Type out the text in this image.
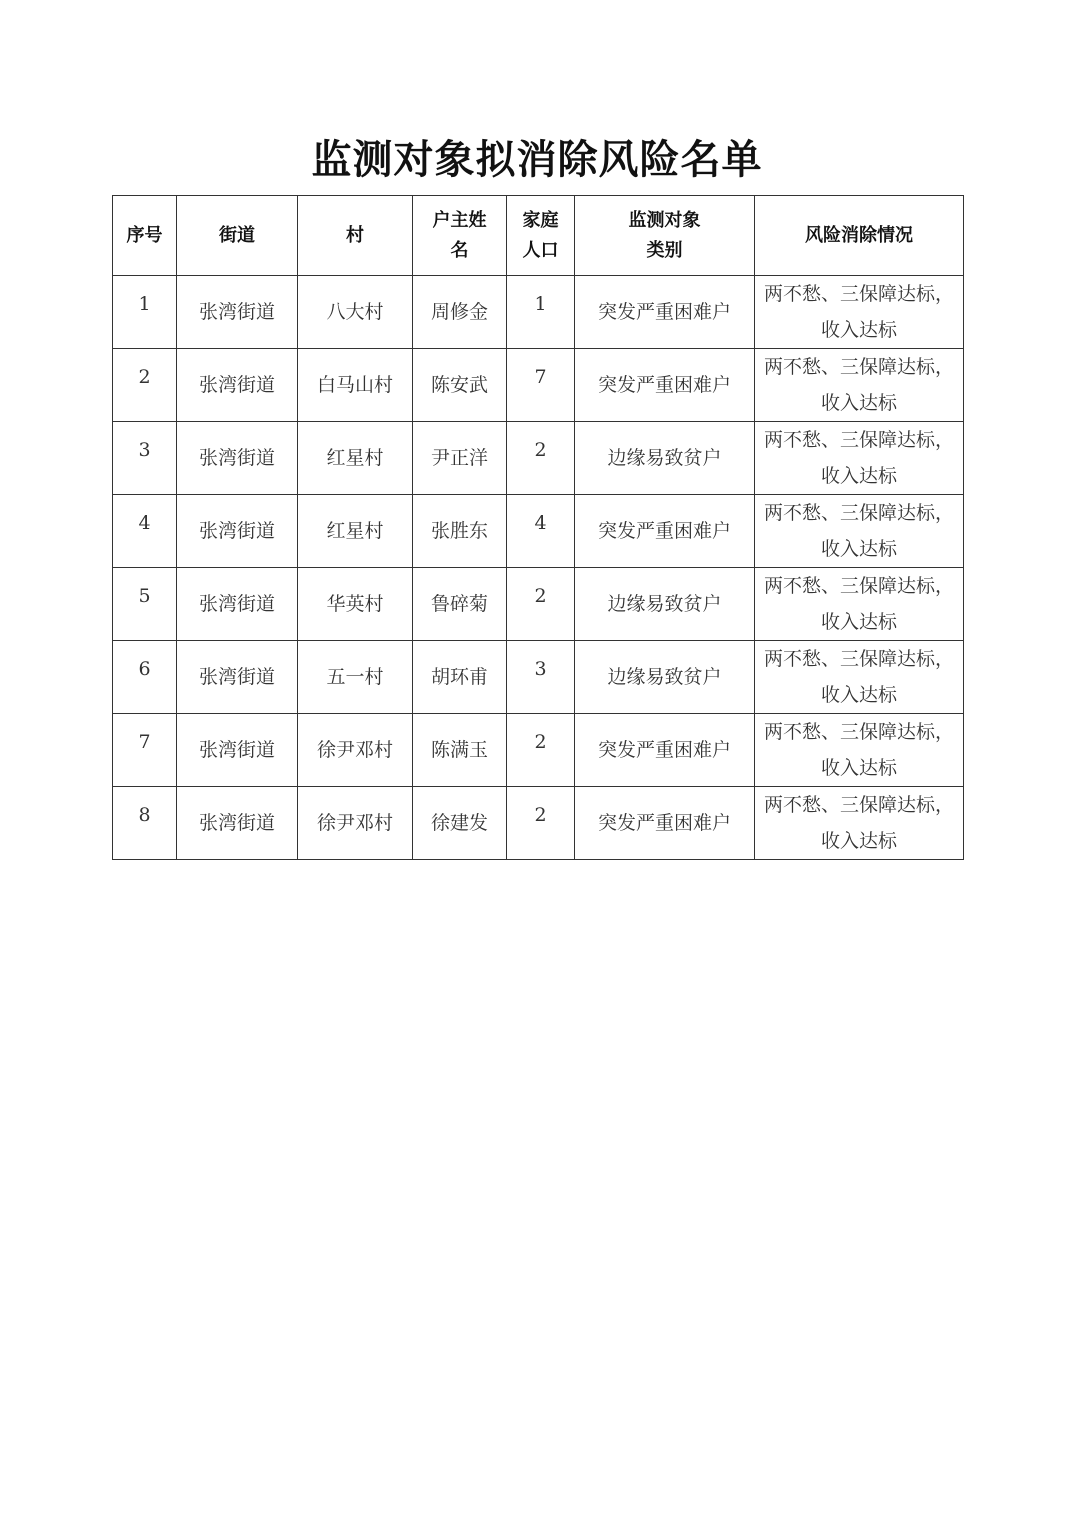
监测对象拟消除风险名单
序号	街道	村	户主姓名	家庭人口	监测对象类别	风险消除情况
1	张湾街道	八大村	周修金	1	突发严重困难户	两不愁、三保障达标，收入达标
2	张湾街道	白马山村	陈安武	7	突发严重困难户	两不愁、三保障达标，收入达标
3	张湾街道	红星村	尹正洋	2	边缘易致贫户	两不愁、三保障达标，收入达标
4	张湾街道	红星村	张胜东	4	突发严重困难户	两不愁、三保障达标，收入达标
5	张湾街道	华英村	鲁碎菊	2	边缘易致贫户	两不愁、三保障达标，收入达标
6	张湾街道	五一村	胡环甫	3	边缘易致贫户	两不愁、三保障达标，收入达标
7	张湾街道	徐尹邓村	陈满玉	2	突发严重困难户	两不愁、三保障达标，收入达标
8	张湾街道	徐尹邓村	徐建发	2	突发严重困难户	两不愁、三保障达标，收入达标
